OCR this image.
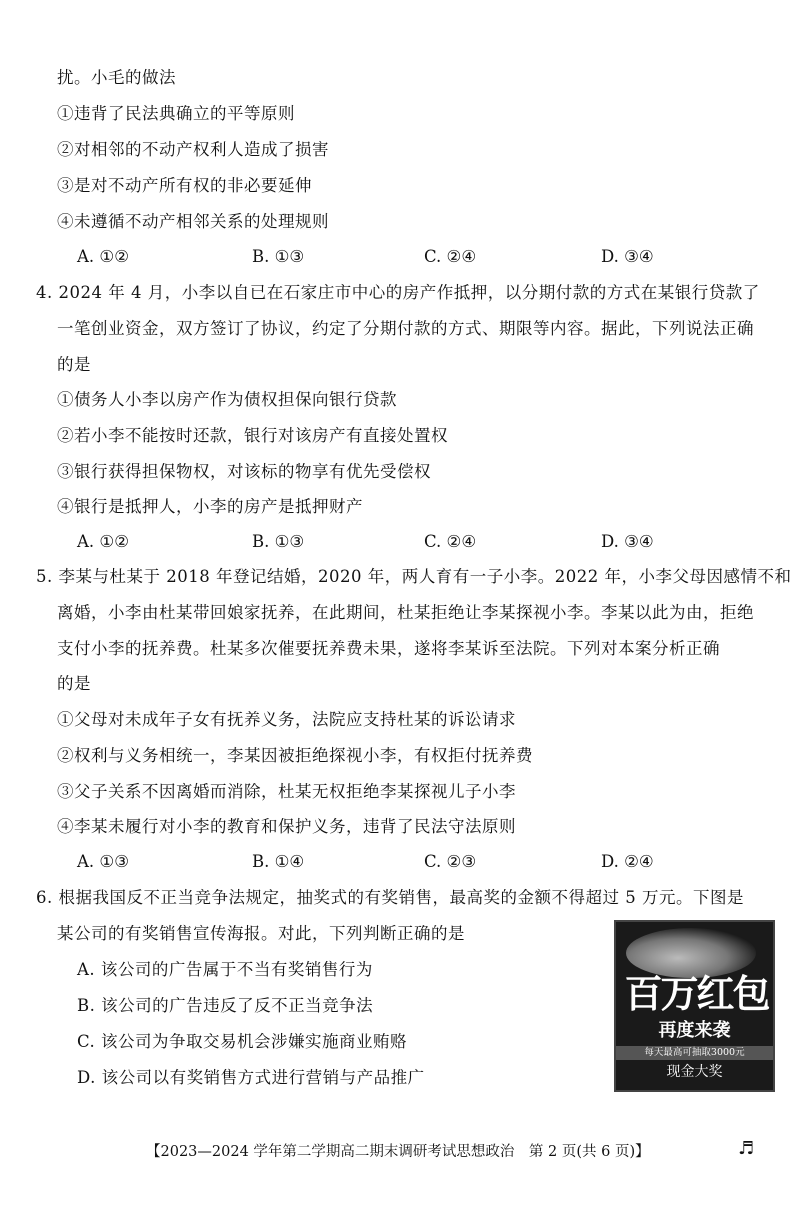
扰。小毛的做法
①违背了民法典确立的平等原则
②对相邻的不动产权利人造成了损害
③是对不动产所有权的非必要延伸
④未遵循不动产相邻关系的处理规则
A. ①②	B. ①③	C. ②④	D. ③④
4. 2024 年 4 月，小李以自已在石家庄市中心的房产作抵押，以分期付款的方式在某银行贷款了
一笔创业资金，双方签订了协议，约定了分期付款的方式、期限等内容。据此，下列说法正确
的是
①债务人小李以房产作为债权担保向银行贷款
②若小李不能按时还款，银行对该房产有直接处置权
③银行获得担保物权，对该标的物享有优先受偿权
④银行是抵押人，小李的房产是抵押财产
A. ①②	B. ①③	C. ②④	D. ③④
5. 李某与杜某于 2018 年登记结婚，2020 年，两人育有一子小李。2022 年，小李父母因感情不和
离婚，小李由杜某带回娘家抚养，在此期间，杜某拒绝让李某探视小李。李某以此为由，拒绝
支付小李的抚养费。杜某多次催要抚养费未果，遂将李某诉至法院。下列对本案分析正确
的是
①父母对未成年子女有抚养义务，法院应支持杜某的诉讼请求
②权利与义务相统一，李某因被拒绝探视小李，有权拒付抚养费
③父子关系不因离婚而消除，杜某无权拒绝李某探视儿子小李
④李某未履行对小李的教育和保护义务，违背了民法守法原则
A. ①③	B. ①④	C. ②③	D. ②④
6. 根据我国反不正当竞争法规定，抽奖式的有奖销售，最高奖的金额不得超过 5 万元。下图是
某公司的有奖销售宣传海报。对此，下列判断正确的是
A. 该公司的广告属于不当有奖销售行为
B. 该公司的广告违反了反不正当竞争法
C. 该公司为争取交易机会涉嫌实施商业贿赂
D. 该公司以有奖销售方式进行营销与产品推广
百万红包
再度来袭
每天最高可抽取3000元
现金大奖
【2023—2024 学年第二学期高二期末调研考试思想政治　第 2 页(共 6 页)】	♬
